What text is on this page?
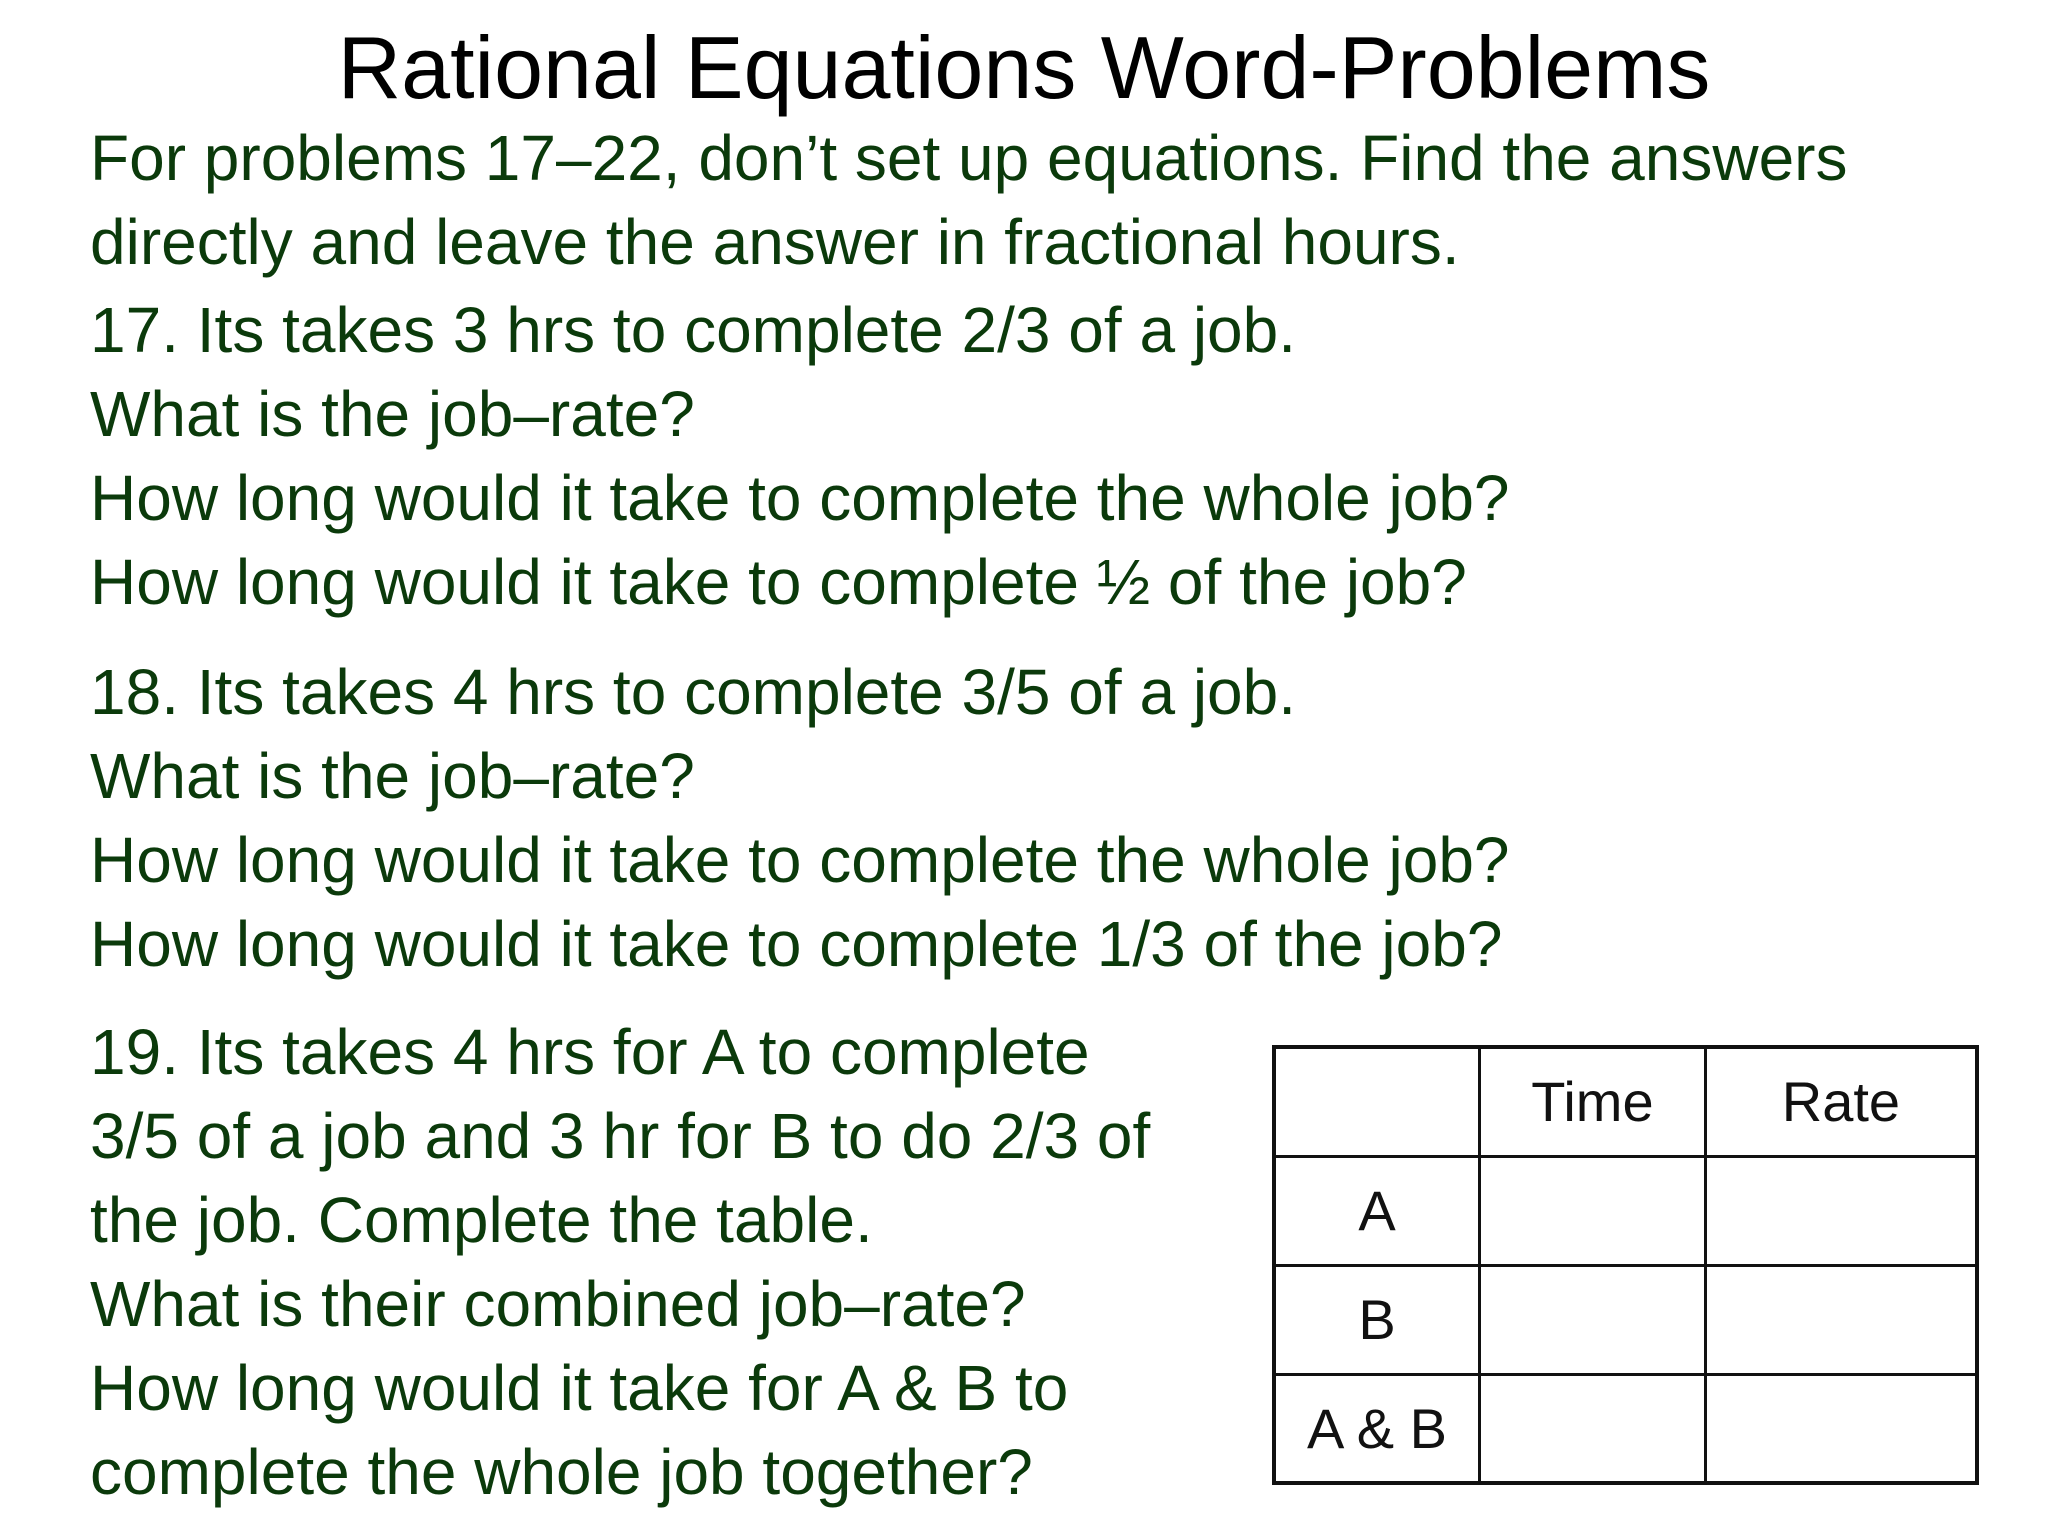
Rational Equations Word-Problems
For problems 17–22, don’t set up equations. Find the answers
directly and leave the answer in fractional hours.
17. Its takes 3 hrs to complete 2/3 of a job.
What is the job–rate?
How long would it take to complete the whole job?
How long would it take to complete ½ of the job?
18. Its takes 4 hrs to complete 3/5 of a job.
What is the job–rate?
How long would it take to complete the whole job?
How long would it take to complete 1/3 of the job?
19. Its takes 4 hrs for A to complete
3/5 of a job and 3 hr for B to do 2/3 of
the job. Complete the table.
What is their combined job–rate?
How long would it take for A & B to
complete the whole job together?
	Time	Rate
A		
B		
A & B		
